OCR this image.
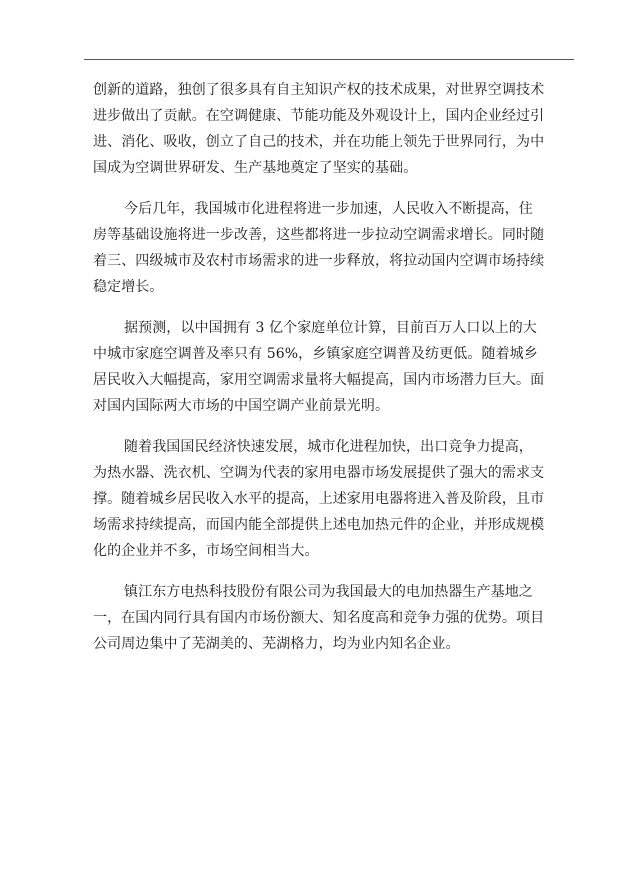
创新的道路，独创了很多具有自主知识产权的技术成果，对世界空调技术
进步做出了贡献。在空调健康、节能功能及外观设计上，国内企业经过引
进、消化、吸收，创立了自己的技术，并在功能上领先于世界同行，为中
国成为空调世界研发、生产基地奠定了坚实的基础。

今后几年，我国城市化进程将进一步加速，人民收入不断提高，住
房等基础设施将进一步改善，这些都将进一步拉动空调需求增长。同时随
着三、四级城市及农村市场需求的进一步释放，将拉动国内空调市场持续
稳定增长。

据预测，以中国拥有 3 亿个家庭单位计算，目前百万人口以上的大
中城市家庭空调普及率只有 56%，乡镇家庭空调普及纺更低。随着城乡
居民收入大幅提高，家用空调需求量将大幅提高，国内市场潜力巨大。面
对国内国际两大市场的中国空调产业前景光明。

随着我国国民经济快速发展，城市化进程加快，出口竞争力提高，
为热水器、洗衣机、空调为代表的家用电器市场发展提供了强大的需求支
撑。随着城乡居民收入水平的提高，上述家用电器将进入普及阶段，且市
场需求持续提高，而国内能全部提供上述电加热元件的企业，并形成规模
化的企业并不多，市场空间相当大。

镇江东方电热科技股份有限公司为我国最大的电加热器生产基地之
一，在国内同行具有国内市场份额大、知名度高和竞争力强的优势。项目
公司周边集中了芜湖美的、芜湖格力，均为业内知名企业。
